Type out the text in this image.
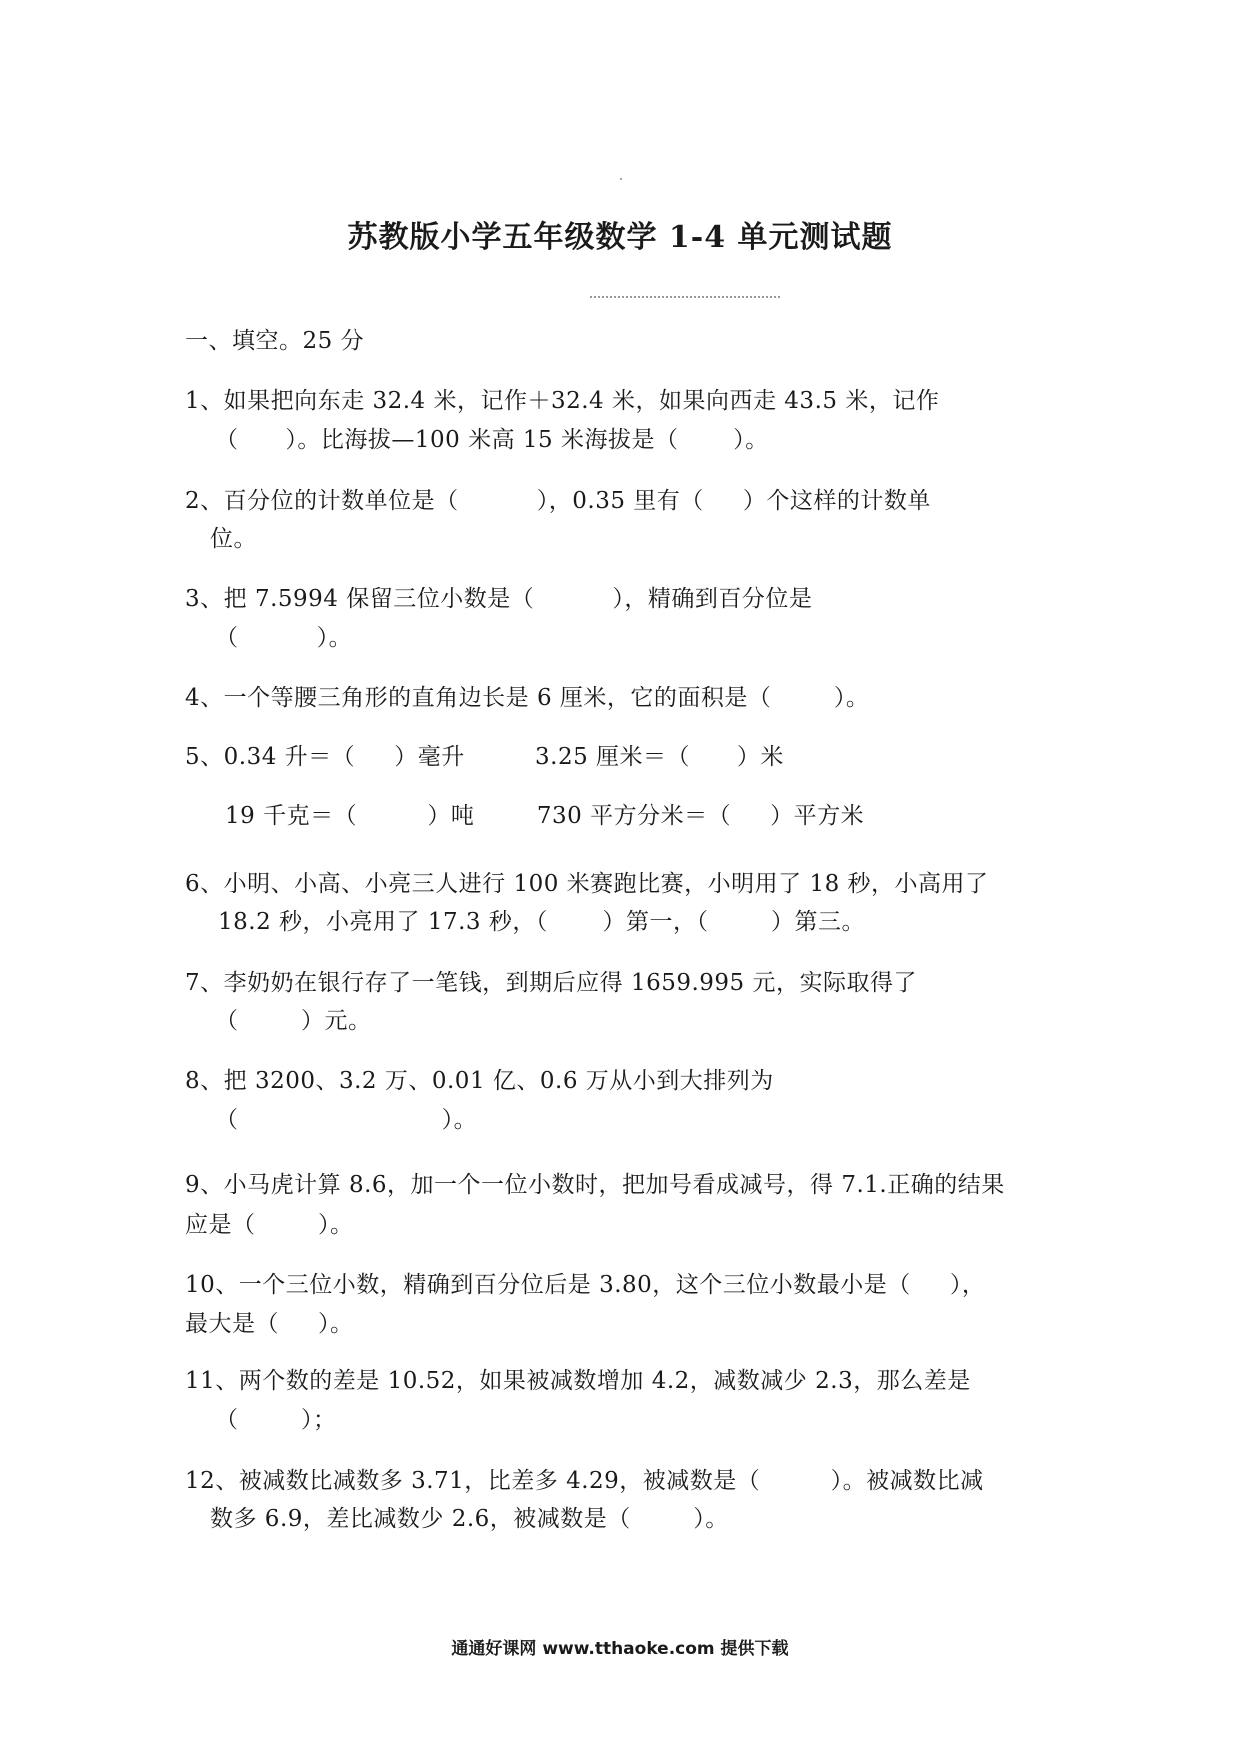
苏教版小学五年级数学 1-4 单元测试题
一、填空。25 分
1、如果把向东走 32.4 米，记作＋32.4 米，如果向西走 43.5 米，记作
（      ）。比海拔—100 米高 15 米海拔是（       ）。
2、百分位的计数单位是（          ），0.35 里有（     ）个这样的计数单
位。
3、把 7.5994 保留三位小数是（          ），精确到百分位是
（          ）。
4、一个等腰三角形的直角边长是 6 厘米，它的面积是（        ）。
5、0.34 升＝（     ）毫升         3.25 厘米＝（      ）米
19 千克＝（         ）吨        730 平方分米＝（     ）平方米
6、小明、小高、小亮三人进行 100 米赛跑比赛，小明用了 18 秒，小高用了
18.2 秒，小亮用了 17.3 秒，（       ）第一，（        ）第三。
7、李奶奶在银行存了一笔钱，到期后应得 1659.995 元，实际取得了
（        ）元。
8、把 3200、3.2 万、0.01 亿、0.6 万从小到大排列为
（                          ）。
9、小马虎计算 8.6，加一个一位小数时，把加号看成减号，得 7.1.正确的结果
应是（        ）。
10、一个三位小数，精确到百分位后是 3.80，这个三位小数最小是（     ），
最大是（     ）。
11、两个数的差是 10.52，如果被减数增加 4.2，减数减少 2.3，那么差是
（        ）；
12、被减数比减数多 3.71，比差多 4.29，被减数是（         ）。被减数比减
数多 6.9，差比减数少 2.6，被减数是（        ）。
通通好课网 www.tthaoke.com 提供下载
